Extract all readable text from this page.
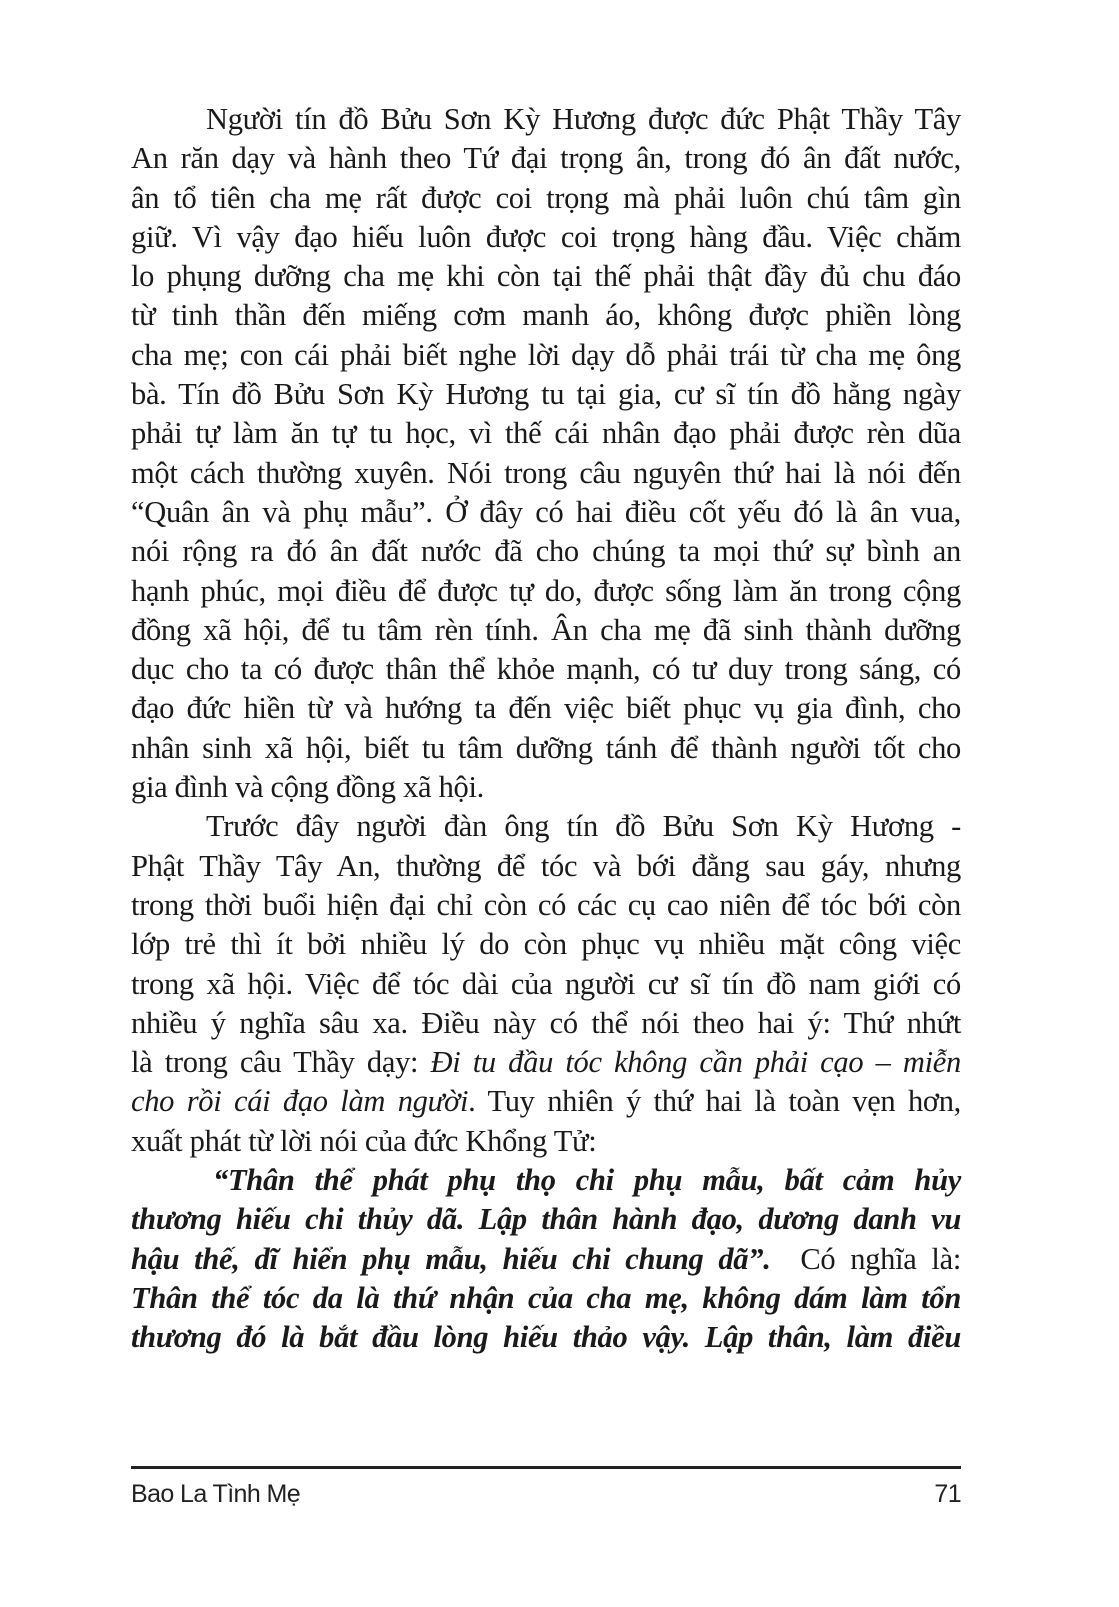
Người tín đồ Bửu Sơn Kỳ Hương được đức Phật Thầy Tây
An răn dạy và hành theo Tứ đại trọng ân, trong đó ân đất nước,
ân tổ tiên cha mẹ rất được coi trọng mà phải luôn chú tâm gìn
giữ. Vì vậy đạo hiếu luôn được coi trọng hàng đầu. Việc chăm
lo phụng dưỡng cha mẹ khi còn tại thế phải thật đầy đủ chu đáo
từ tinh thần đến miếng cơm manh áo, không được phiền lòng
cha mẹ; con cái phải biết nghe lời dạy dỗ phải trái từ cha mẹ ông
bà. Tín đồ Bửu Sơn Kỳ Hương tu tại gia, cư sĩ tín đồ hằng ngày
phải tự làm ăn tự tu học, vì thế cái nhân đạo phải được rèn dũa
một cách thường xuyên. Nói trong câu nguyên thứ hai là nói đến
“Quân ân và phụ mẫu”. Ở đây có hai điều cốt yếu đó là ân vua,
nói rộng ra đó ân đất nước đã cho chúng ta mọi thứ sự bình an
hạnh phúc, mọi điều để được tự do, được sống làm ăn trong cộng
đồng xã hội, để tu tâm rèn tính. Ân cha mẹ đã sinh thành dưỡng
dục cho ta có được thân thể khỏe mạnh, có tư duy trong sáng, có
đạo đức hiền từ và hướng ta đến việc biết phục vụ gia đình, cho
nhân sinh xã hội, biết tu tâm dưỡng tánh để thành người tốt cho
gia đình và cộng đồng xã hội.
Trước đây người đàn ông tín đồ Bửu Sơn Kỳ Hương -
Phật Thầy Tây An, thường để tóc và bới đằng sau gáy, nhưng
trong thời buổi hiện đại chỉ còn có các cụ cao niên để tóc bới còn
lớp trẻ thì ít bởi nhiều lý do còn phục vụ nhiều mặt công việc
trong xã hội. Việc để tóc dài của người cư sĩ tín đồ nam giới có
nhiều ý nghĩa sâu xa. Điều này có thể nói theo hai ý: Thứ nhứt
là trong câu Thầy dạy: Đi tu đầu tóc không cần phải cạo – miễn
cho rồi cái đạo làm người. Tuy nhiên ý thứ hai là toàn vẹn hơn,
xuất phát từ lời nói của đức Khổng Tử:
“Thân thể phát phụ thọ chi phụ mẫu, bất cảm hủy
thương hiếu chi thủy dã. Lập thân hành đạo, dương danh vu
hậu thế, dĩ hiển phụ mẫu, hiếu chi chung dã”.  Có nghĩa là:
Thân thể tóc da là thứ nhận của cha mẹ, không dám làm tổn
thương đó là bắt đầu lòng hiếu thảo vậy. Lập thân, làm điều
Bao La Tình Mẹ	71
